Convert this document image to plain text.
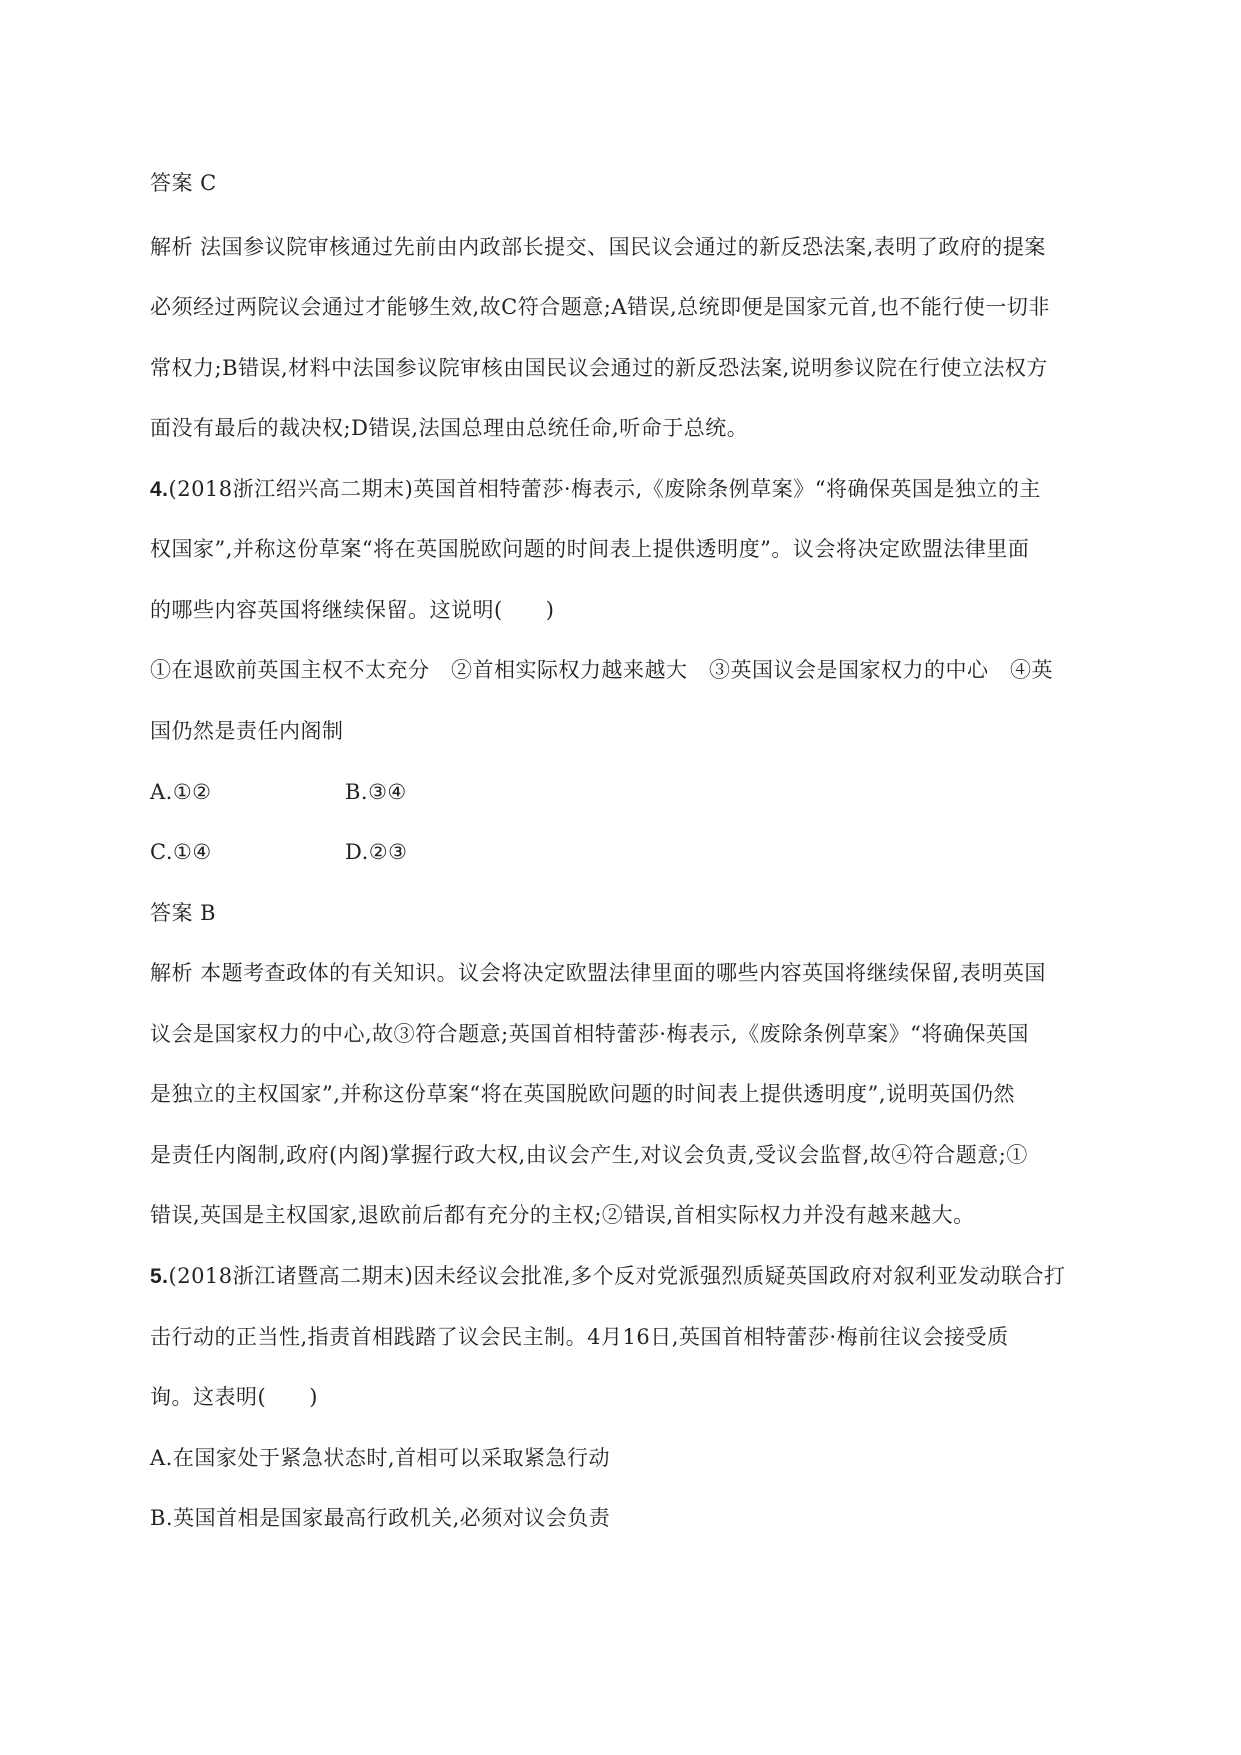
答案 C
解析 法国参议院审核通过先前由内政部长提交、国民议会通过的新反恐法案,表明了政府的提案
必须经过两院议会通过才能够生效,故C符合题意;A错误,总统即便是国家元首,也不能行使一切非
常权力;B错误,材料中法国参议院审核由国民议会通过的新反恐法案,说明参议院在行使立法权方
面没有最后的裁决权;D错误,法国总理由总统任命,听命于总统。
4.(2018浙江绍兴高二期末)英国首相特蕾莎·梅表示,《废除条例草案》“将确保英国是独立的主
权国家”,并称这份草案“将在英国脱欧问题的时间表上提供透明度”。议会将决定欧盟法律里面
的哪些内容英国将继续保留。这说明(　　)
①在退欧前英国主权不太充分　②首相实际权力越来越大　③英国议会是国家权力的中心　④英
国仍然是责任内阁制
A.①②	B.③④
C.①④	D.②③
答案 B
解析 本题考查政体的有关知识。议会将决定欧盟法律里面的哪些内容英国将继续保留,表明英国
议会是国家权力的中心,故③符合题意;英国首相特蕾莎·梅表示,《废除条例草案》“将确保英国
是独立的主权国家”,并称这份草案“将在英国脱欧问题的时间表上提供透明度”,说明英国仍然
是责任内阁制,政府(内阁)掌握行政大权,由议会产生,对议会负责,受议会监督,故④符合题意;①
错误,英国是主权国家,退欧前后都有充分的主权;②错误,首相实际权力并没有越来越大。
5.(2018浙江诸暨高二期末)因未经议会批准,多个反对党派强烈质疑英国政府对叙利亚发动联合打
击行动的正当性,指责首相践踏了议会民主制。4月16日,英国首相特蕾莎·梅前往议会接受质
询。这表明(　　)
A.在国家处于紧急状态时,首相可以采取紧急行动
B.英国首相是国家最高行政机关,必须对议会负责
